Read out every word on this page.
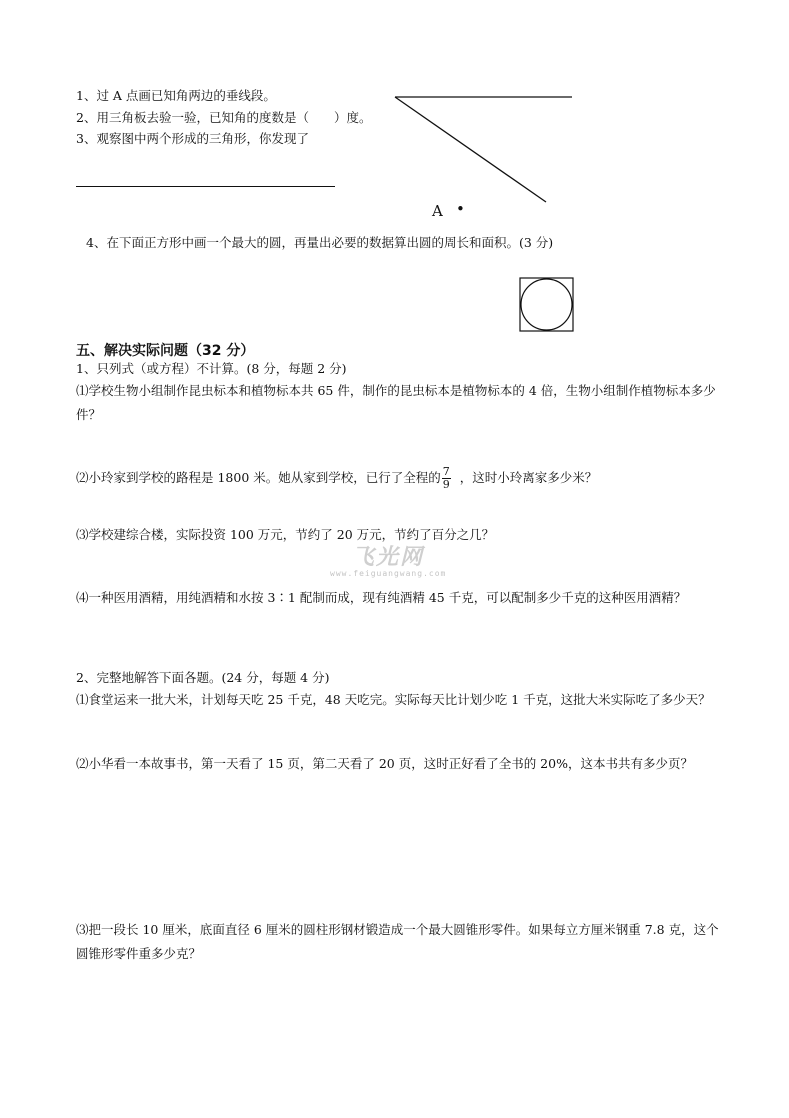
1、过 A 点画已知角两边的垂线段。
2、用三角板去验一验，已知角的度数是（　　）度。
3、观察图中两个形成的三角形，你发现了
A •
4、在下面正方形中画一个最大的圆，再量出必要的数据算出圆的周长和面积。(3 分)
五、解决实际问题（32 分）
1、只列式（或方程）不计算。(8 分，每题 2 分)
⑴学校生物小组制作昆虫标本和植物标本共 65 件，制作的昆虫标本是植物标本的 4 倍，生物小组制作植物标本多少件？
⑵小玲家到学校的路程是 1800 米。她从家到学校，已行了全程的 $\frac{7}{9}$ ，这时小玲离家多少米？
⑶学校建综合楼，实际投资 100 万元，节约了 20 万元，节约了百分之几？
飞光网
www.feiguangwang.com
⑷一种医用酒精，用纯酒精和水按 3∶1 配制而成，现有纯酒精 45 千克，可以配制多少千克的这种医用酒精？
2、完整地解答下面各题。(24 分，每题 4 分)
⑴食堂运来一批大米，计划每天吃 25 千克，48 天吃完。实际每天比计划少吃 1 千克，这批大米实际吃了多少天？
⑵小华看一本故事书，第一天看了 15 页，第二天看了 20 页，这时正好看了全书的 20%，这本书共有多少页？
⑶把一段长 10 厘米，底面直径 6 厘米的圆柱形钢材锻造成一个最大圆锥形零件。如果每立方厘米钢重 7.8 克，这个圆锥形零件重多少克？
